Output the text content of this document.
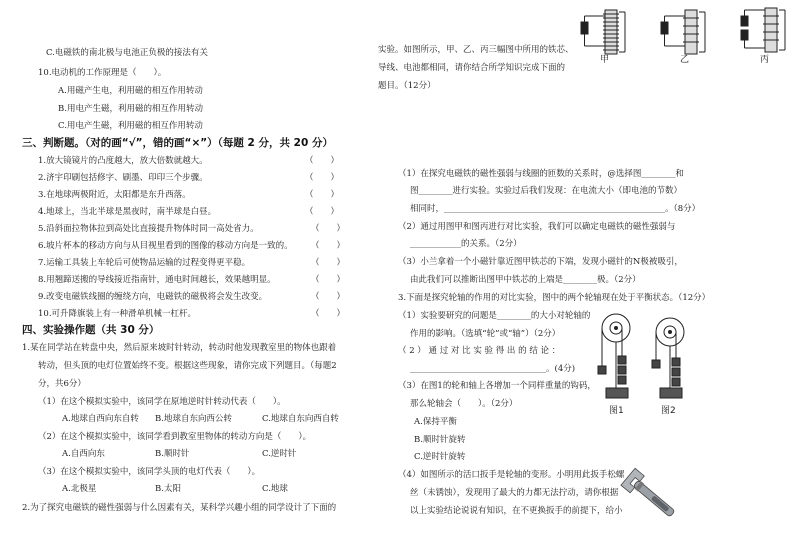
C.电磁铁的南北极与电池正负极的接法有关
10.电动机的工作原理是（　　）。
A.用磁产生电，利用磁的相互作用转动
B.用电产生磁，利用磁的相互作用转动
C.用电产生磁，利用磁的相互作用转动
三、判断题。（对的画“√”，错的画“×”）（每题 2 分，共 20 分）
1.放大镜镜片的凸度越大，放大倍数就越大。	（　　）
2.济宇印刷包括修字、刷墨、印印三个步骤。	（　　）
3.在地球两极附近，太阳都是东升西落。	（　　）
4.地球上，当北半球是黑夜时，南半球是白昼。	（　　）
5.沿斜面拉物体拉到高处比直接提升物体时同一高处省力。	（　　）
6.坡片杯本的移动方向与从目视里看到的图像的移动方向是一致的。 （　　）
7.运输工具装上车轮后可使物品运输的过程变得更平稳。	（　　）
8.用翘蹄送搬的导线接近指南针，通电时间越长，效果越明显。	（　　）
9.改变电磁铁线圈的缠绕方向，电磁铁的磁极将会发生改变。	（　　）
10.可升降旗装上有一种滑单机械一杠杆。	（　　）
四、实验操作题（共 30 分）
1.某在同学站在转盘中央，然后原来坡时针转动，转动时他发现教室里的物体也跟着
转动，但头顶的电灯位置始终不变。根据这些现象，请你完成下列题目。（每题2
分，共6分）
（1）在这个模拟实验中，该同学在原地逆时针转动代表（　　）。
A.地球自西向东自转 B.地球自东向西公转	C.地球自东向西自转
（2）在这个模拟实验中，该同学看到教室里物体的转动方向是（　　）。
A.自西向东	B.顺时针	C.逆时针
（3）在这个模拟实验中，该同学头顶的电灯代表（　　）。
A.北极星	B.太阳	C.地球
2.为了探究电磁铁的磁性强弱与什么因素有关，某科学兴趣小组的同学设计了下面的
实验。如图所示，甲、乙、丙三幅图中所用的铁芯、
导线、电池都相同，请你结合所学知识完成下面的
题目。（12分）
甲	乙	丙
（1）在探究电磁铁的磁性强弱与线圈的匝数的关系时，@选择图________和
图________进行实验。实验过后我们发现：在电流大小（即电池的节数）
相同时，____________________________________________________。（8分）
（2）通过用图甲和图丙进行对比实验，我们可以确定电磁铁的磁性强弱与
____________的关系。（2分）
（3）小兰拿着一个小磁针靠近图甲铁芯的下端，发现小磁针的N极被吸引，
由此我们可以推断出图甲中铁芯的上端是________极。（2分）
3.下面是探究轮轴的作用的对比实验，图中的两个轮轴现在处于平衡状态。（12分）
（1）实验要研究的问题是________的大小对轮轴的
作用的影响。（选填“轮”或“轴”）（2分）
（ 2 ） 通 过 对 比 实 验 得 出 的 结 论 ：
________________________________。(4分)
（3）在图1的轮和轴上各增加一个同样重量的钩码，
那么轮轴会（　　）。（2分）
A.保持平衡
B.顺时针旋转
C.逆时针旋转
图1	图2
（4）如图所示的活口扳手是轮轴的变形。小明用此扳手松螺
丝（未锈蚀），发现用了最大的力都无法拧动，请你根据
以上实验结论说说有知识，在不更换扳手的前提下，给小
